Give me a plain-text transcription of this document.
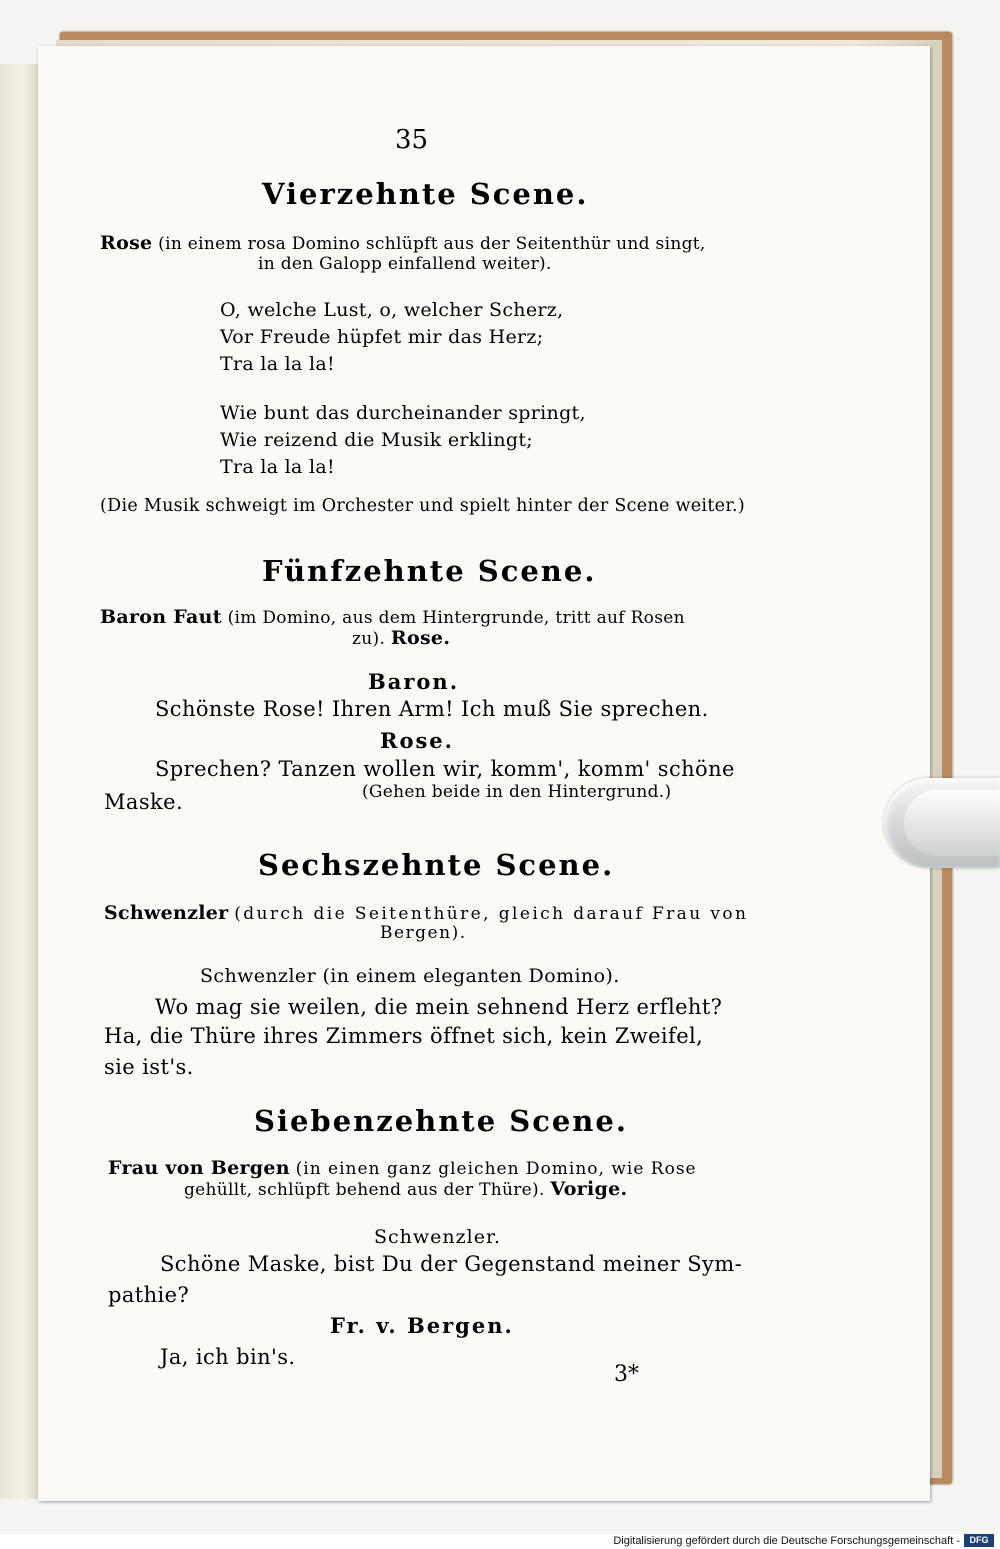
35
Vierzehnte Scene.
Rose (in einem rosa Domino schlüpft aus der Seitenthür und singt,
in den Galopp einfallend weiter).
O, welche Lust, o, welcher Scherz,
Vor Freude hüpfet mir das Herz;
Tra la la la!
Wie bunt das durcheinander springt,
Wie reizend die Musik erklingt;
Tra la la la!
(Die Musik schweigt im Orchester und spielt hinter der Scene weiter.)
Fünfzehnte Scene.
Baron Faut (im Domino, aus dem Hintergrunde, tritt auf Rosen
zu). Rose.
Baron.
Schönste Rose! Ihren Arm! Ich muß Sie sprechen.
Rose.
Sprechen? Tanzen wollen wir, komm', komm' schöne
Maske.	(Gehen beide in den Hintergrund.)
Sechszehnte Scene.
Schwenzler (durch die Seitenthüre, gleich darauf Frau von
Bergen).
Schwenzler (in einem eleganten Domino).
Wo mag sie weilen, die mein sehnend Herz erfleht?
Ha, die Thüre ihres Zimmers öffnet sich, kein Zweifel,
sie ist's.
Siebenzehnte Scene.
Frau von Bergen (in einen ganz gleichen Domino, wie Rose
gehüllt, schlüpft behend aus der Thüre). Vorige.
Schwenzler.
Schöne Maske, bist Du der Gegenstand meiner Sym-
pathie?
Fr. v. Bergen.
Ja, ich bin's.
3*
Digitalisierung gefördert durch die Deutsche Forschungsgemeinschaft -	DFG
